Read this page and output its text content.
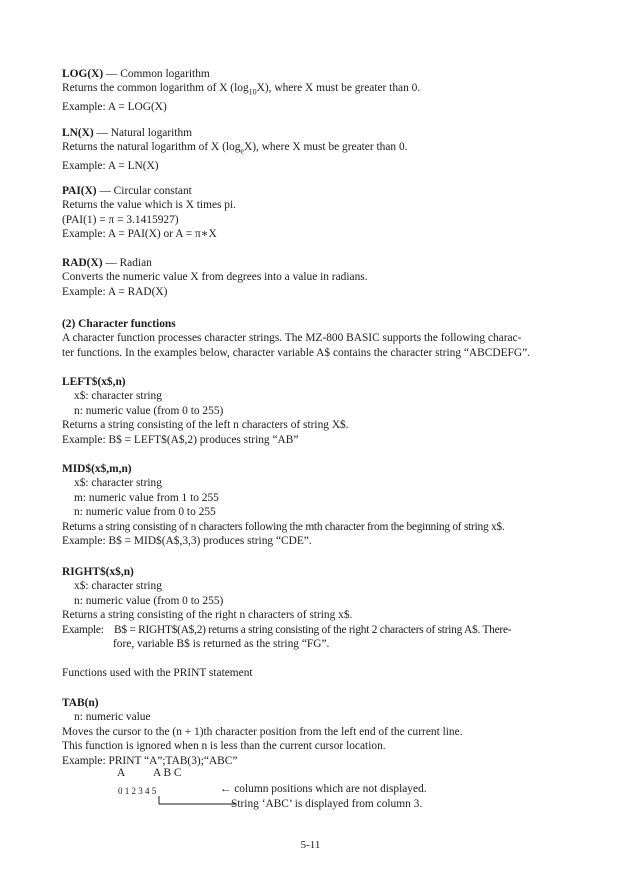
LOG(X) — Common logarithm
Returns the common logarithm of X $(\log_{10}X)$, where X must be greater than 0.
Example: A = LOG(X)
LN(X) — Natural logarithm
Returns the natural logarithm of X $(\log_eX)$, where X must be greater than 0.
Example: A = LN(X)
PAI(X) — Circular constant
Returns the value which is X times pi.
(PAI(1) = π = 3.1415927)
Example: A = PAI(X) or A = π∗X
RAD(X) — Radian
Converts the numeric value X from degrees into a value in radians.
Example: A = RAD(X)
(2) Character functions
A character function processes character strings. The MZ-800 BASIC supports the following charac-
ter functions. In the examples below, character variable A$ contains the character string “ABCDEFG”.
LEFT$(x$,n)
x$: character string
n: numeric value (from 0 to 255)
Returns a string consisting of the left n characters of string X$.
Example: B$ = LEFT$(A$,2) produces string “AB”
MID$(x$,m,n)
x$: character string
m: numeric value from 1 to 255
n: numeric value from 0 to 255
Returns a string consisting of n characters following the mth character from the beginning of string x$.
Example: B$ = MID$(A$,3,3) produces string “CDE”.
RIGHT$(x$,n)
x$: character string
n: numeric value (from 0 to 255)
Returns a string consisting of the right n characters of string x$.
Example: B$ = RIGHT$(A$,2) returns a string consisting of the right 2 characters of string A$. There-
fore, variable B$ is returned as the string “FG”.
Functions used with the PRINT statement
TAB(n)
n: numeric value
Moves the cursor to the (n + 1)th character position from the left end of the current line.
This function is ignored when n is less than the current cursor location.
Example: PRINT “A”;TAB(3);“ABC”
A A B C
0 1 2 3 4 5	← column positions which are not displayed.
String ‘ABC’ is displayed from column 3.
5-11
